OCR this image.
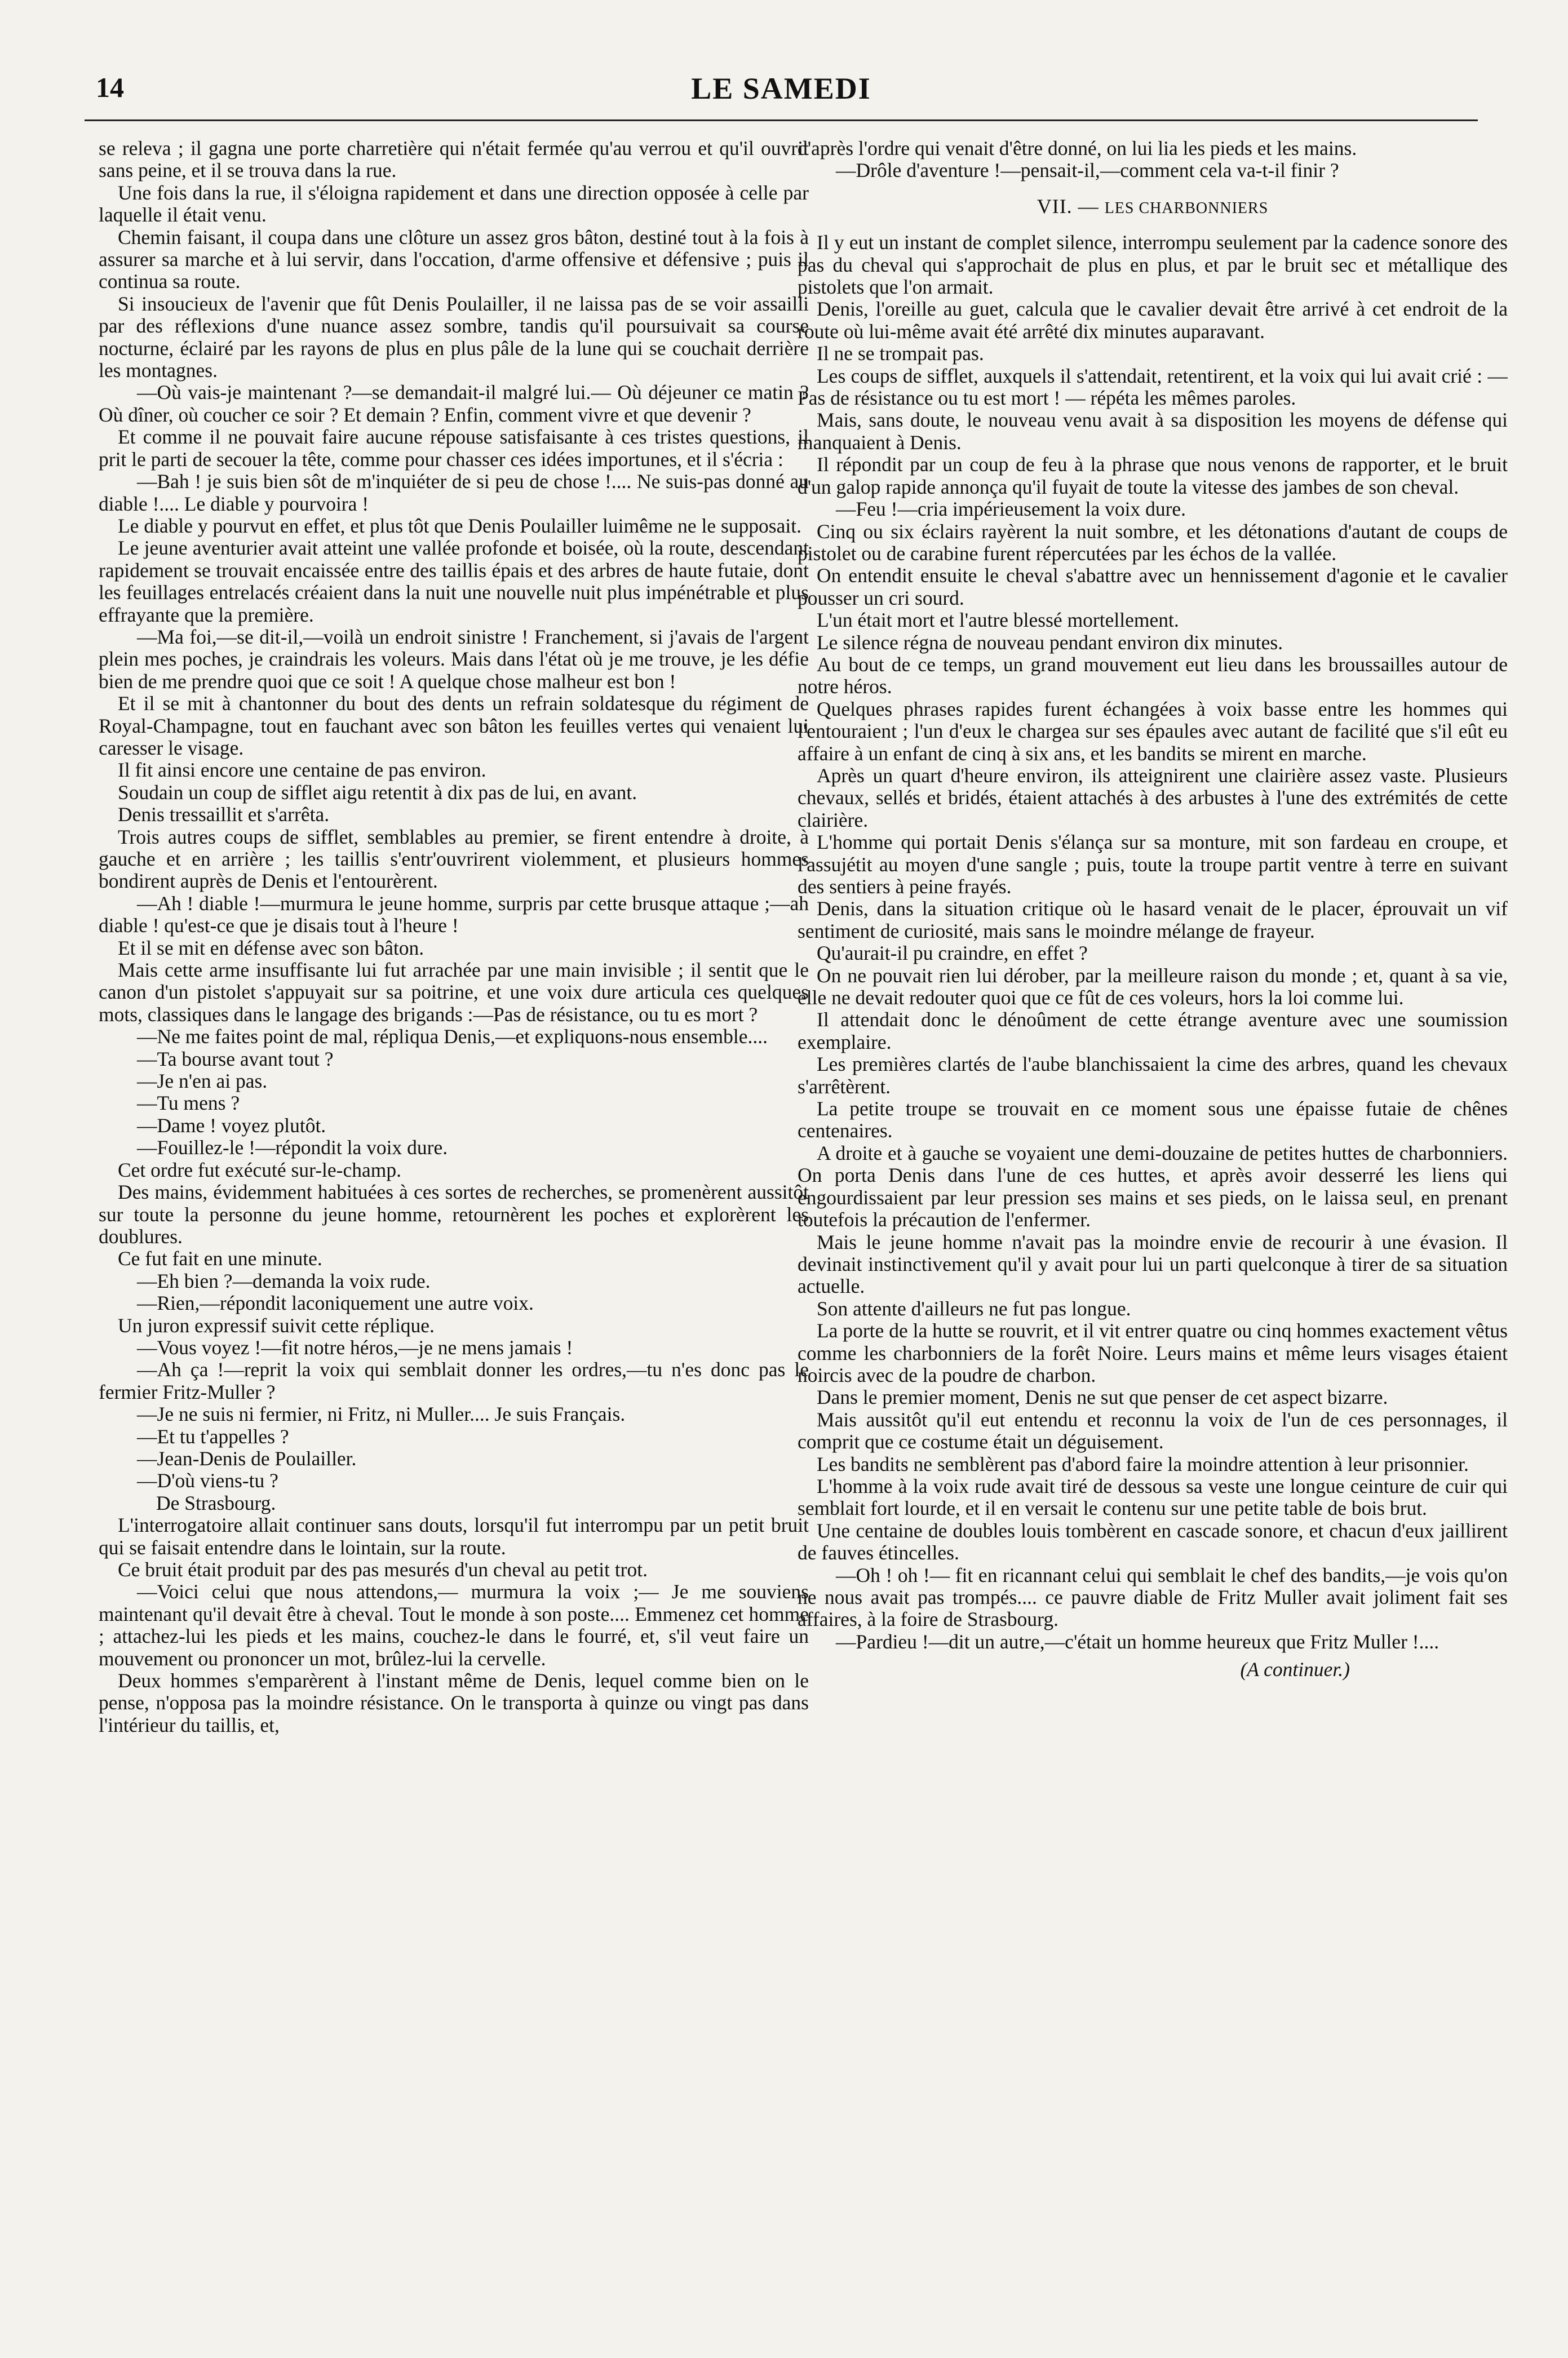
14	LE SAMEDI

se releva ; il gagna une porte charretière qui n'était fermée qu'au verrou et qu'il ouvrit sans peine, et il se trouva dans la rue.

Une fois dans la rue, il s'éloigna rapidement et dans une direction opposée à celle par laquelle il était venu.

Chemin faisant, il coupa dans une clôture un assez gros bâton, destiné tout à la fois à assurer sa marche et à lui servir, dans l'occation, d'arme offensive et défensive ; puis il continua sa route.

Si insoucieux de l'avenir que fût Denis Poulailler, il ne laissa pas de se voir assailli par des réflexions d'une nuance assez sombre, tandis qu'il poursuivait sa course nocturne, éclairé par les rayons de plus en plus pâle de la lune qui se couchait derrière les montagnes.

—Où vais-je maintenant ?—se demandait-il malgré lui.— Où déjeuner ce matin ? Où dîner, où coucher ce soir ? Et demain ? Enfin, comment vivre et que devenir ?

Et comme il ne pouvait faire aucune répouse satisfaisante à ces tristes questions, il prit le parti de secouer la tête, comme pour chasser ces idées importunes, et il s'écria :

—Bah ! je suis bien sôt de m'inquiéter de si peu de chose !.... Ne suis-pas donné au diable !.... Le diable y pourvoira !

Le diable y pourvut en effet, et plus tôt que Denis Poulailler luimême ne le supposait.

Le jeune aventurier avait atteint une vallée profonde et boisée, où la route, descendant rapidement se trouvait encaissée entre des taillis épais et des arbres de haute futaie, dont les feuillages entrelacés créaient dans la nuit une nouvelle nuit plus impénétrable et plus effrayante que la première.

—Ma foi,—se dit-il,—voilà un endroit sinistre ! Franchement, si j'avais de l'argent plein mes poches, je craindrais les voleurs. Mais dans l'état où je me trouve, je les défie bien de me prendre quoi que ce soit ! A quelque chose malheur est bon !

Et il se mit à chantonner du bout des dents un refrain soldatesque du régiment de Royal-Champagne, tout en fauchant avec son bâton les feuilles vertes qui venaient lui caresser le visage.

Il fit ainsi encore une centaine de pas environ.

Soudain un coup de sifflet aigu retentit à dix pas de lui, en avant.

Denis tressaillit et s'arrêta.

Trois autres coups de sifflet, semblables au premier, se firent entendre à droite, à gauche et en arrière ; les taillis s'entr'ouvrirent violemment, et plusieurs hommes bondirent auprès de Denis et l'entourèrent.

—Ah ! diable !—murmura le jeune homme, surpris par cette brusque attaque ;—ah diable ! qu'est-ce que je disais tout à l'heure !

Et il se mit en défense avec son bâton.

Mais cette arme insuffisante lui fut arrachée par une main invisible ; il sentit que le canon d'un pistolet s'appuyait sur sa poitrine, et une voix dure articula ces quelques mots, classiques dans le langage des brigands :—Pas de résistance, ou tu es mort ?

—Ne me faites point de mal, répliqua Denis,—et expliquons-nous ensemble....

—Ta bourse avant tout ?

—Je n'en ai pas.

—Tu mens ?

—Dame ! voyez plutôt.

—Fouillez-le !—répondit la voix dure.

Cet ordre fut exécuté sur-le-champ.

Des mains, évidemment habituées à ces sortes de recherches, se promenèrent aussitôt sur toute la personne du jeune homme, retournèrent les poches et explorèrent les doublures.

Ce fut fait en une minute.

—Eh bien ?—demanda la voix rude.

—Rien,—répondit laconiquement une autre voix.

Un juron expressif suivit cette réplique.

—Vous voyez !—fit notre héros,—je ne mens jamais !

—Ah ça !—reprit la voix qui semblait donner les ordres,—tu n'es donc pas le fermier Fritz-Muller ?

—Je ne suis ni fermier, ni Fritz, ni Muller.... Je suis Français.

—Et tu t'appelles ?

—Jean-Denis de Poulailler.

—D'où viens-tu ?

De Strasbourg.

L'interrogatoire allait continuer sans douts, lorsqu'il fut interrompu par un petit bruit qui se faisait entendre dans le lointain, sur la route.

Ce bruit était produit par des pas mesurés d'un cheval au petit trot.

—Voici celui que nous attendons,— murmura la voix ;— Je me souviens maintenant qu'il devait être à cheval. Tout le monde à son poste.... Emmenez cet homme ; attachez-lui les pieds et les mains, couchez-le dans le fourré, et, s'il veut faire un mouvement ou prononcer un mot, brûlez-lui la cervelle.

Deux hommes s'emparèrent à l'instant même de Denis, lequel comme bien on le pense, n'opposa pas la moindre résistance. On le transporta à quinze ou vingt pas dans l'intérieur du taillis, et,

d'après l'ordre qui venait d'être donné, on lui lia les pieds et les mains.

—Drôle d'aventure !—pensait-il,—comment cela va-t-il finir ?

VII. — LES CHARBONNIERS

Il y eut un instant de complet silence, interrompu seulement par la cadence sonore des pas du cheval qui s'approchait de plus en plus, et par le bruit sec et métallique des pistolets que l'on armait.

Denis, l'oreille au guet, calcula que le cavalier devait être arrivé à cet endroit de la route où lui-même avait été arrêté dix minutes auparavant.

Il ne se trompait pas.

Les coups de sifflet, auxquels il s'attendait, retentirent, et la voix qui lui avait crié : — Pas de résistance ou tu est mort ! — répéta les mêmes paroles.

Mais, sans doute, le nouveau venu avait à sa disposition les moyens de défense qui manquaient à Denis.

Il répondit par un coup de feu à la phrase que nous venons de rapporter, et le bruit d'un galop rapide annonça qu'il fuyait de toute la vitesse des jambes de son cheval.

—Feu !—cria impérieusement la voix dure.

Cinq ou six éclairs rayèrent la nuit sombre, et les détonations d'autant de coups de pistolet ou de carabine furent répercutées par les échos de la vallée.

On entendit ensuite le cheval s'abattre avec un hennissement d'agonie et le cavalier pousser un cri sourd.

L'un était mort et l'autre blessé mortellement.

Le silence régna de nouveau pendant environ dix minutes.

Au bout de ce temps, un grand mouvement eut lieu dans les broussailles autour de notre héros.

Quelques phrases rapides furent échangées à voix basse entre les hommes qui l'entouraient ; l'un d'eux le chargea sur ses épaules avec autant de facilité que s'il eût eu affaire à un enfant de cinq à six ans, et les bandits se mirent en marche.

Après un quart d'heure environ, ils atteignirent une clairière assez vaste. Plusieurs chevaux, sellés et bridés, étaient attachés à des arbustes à l'une des extrémités de cette clairière.

L'homme qui portait Denis s'élança sur sa monture, mit son fardeau en croupe, et l'assujétit au moyen d'une sangle ; puis, toute la troupe partit ventre à terre en suivant des sentiers à peine frayés.

Denis, dans la situation critique où le hasard venait de le placer, éprouvait un vif sentiment de curiosité, mais sans le moindre mélange de frayeur.

Qu'aurait-il pu craindre, en effet ?

On ne pouvait rien lui dérober, par la meilleure raison du monde ; et, quant à sa vie, elle ne devait redouter quoi que ce fût de ces voleurs, hors la loi comme lui.

Il attendait donc le dénoûment de cette étrange aventure avec une soumission exemplaire.

Les premières clartés de l'aube blanchissaient la cime des arbres, quand les chevaux s'arrêtèrent.

La petite troupe se trouvait en ce moment sous une épaisse futaie de chênes centenaires.

A droite et à gauche se voyaient une demi-douzaine de petites huttes de charbonniers. On porta Denis dans l'une de ces huttes, et après avoir desserré les liens qui engourdissaient par leur pression ses mains et ses pieds, on le laissa seul, en prenant toutefois la précaution de l'enfermer.

Mais le jeune homme n'avait pas la moindre envie de recourir à une évasion. Il devinait instinctivement qu'il y avait pour lui un parti quelconque à tirer de sa situation actuelle.

Son attente d'ailleurs ne fut pas longue.

La porte de la hutte se rouvrit, et il vit entrer quatre ou cinq hommes exactement vêtus comme les charbonniers de la forêt Noire. Leurs mains et même leurs visages étaient noircis avec de la poudre de charbon.

Dans le premier moment, Denis ne sut que penser de cet aspect bizarre.

Mais aussitôt qu'il eut entendu et reconnu la voix de l'un de ces personnages, il comprit que ce costume était un déguisement.

Les bandits ne semblèrent pas d'abord faire la moindre attention à leur prisonnier.

L'homme à la voix rude avait tiré de dessous sa veste une longue ceinture de cuir qui semblait fort lourde, et il en versait le contenu sur une petite table de bois brut.

Une centaine de doubles louis tombèrent en cascade sonore, et chacun d'eux jaillirent de fauves étincelles.

—Oh ! oh !— fit en ricannant celui qui semblait le chef des bandits,—je vois qu'on ne nous avait pas trompés.... ce pauvre diable de Fritz Muller avait joliment fait ses affaires, à la foire de Strasbourg.

—Pardieu !—dit un autre,—c'était un homme heureux que Fritz Muller !....

(A continuer.)
